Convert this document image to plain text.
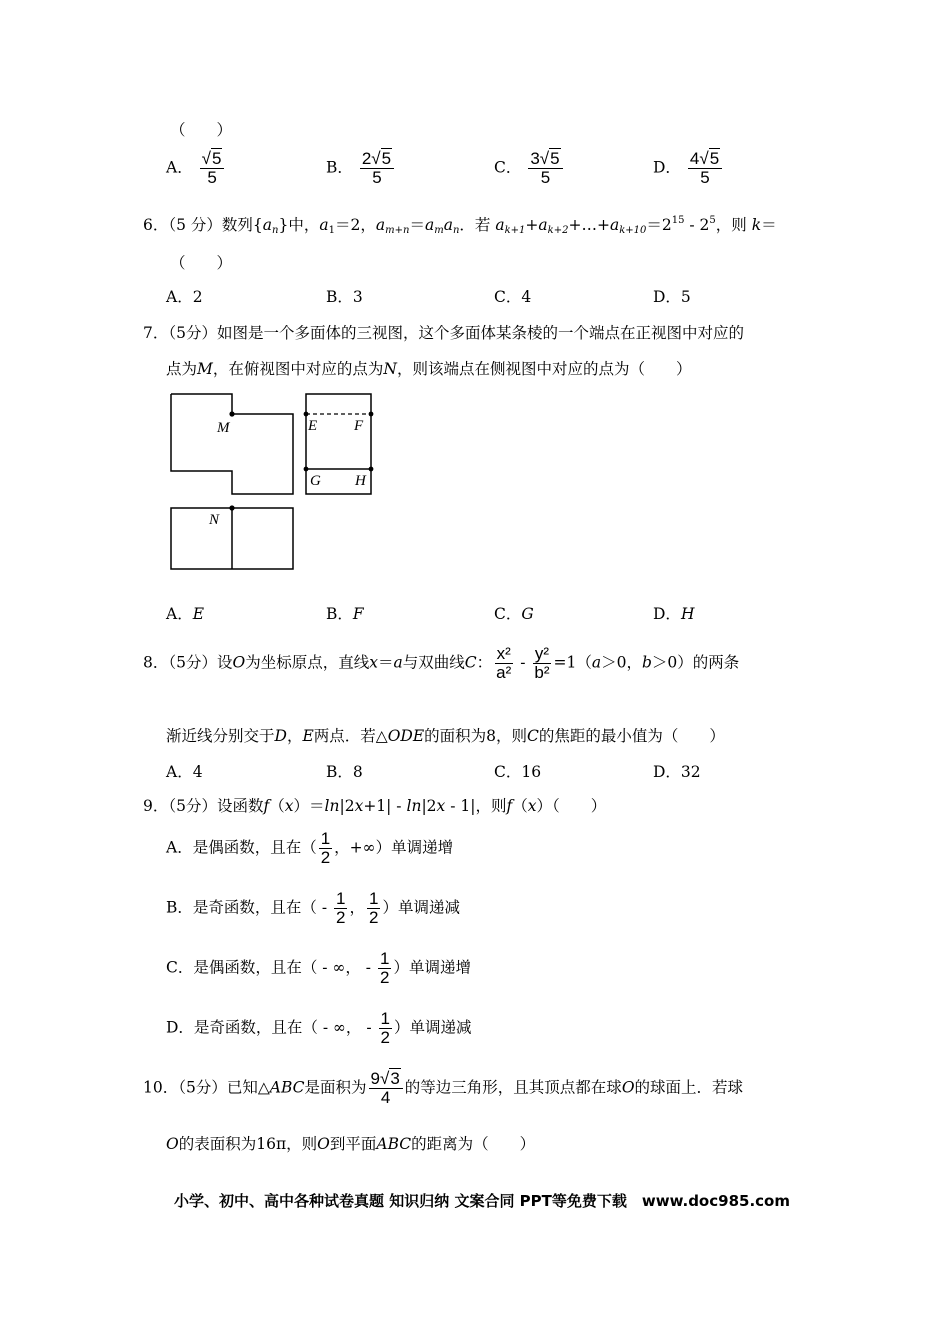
（　　）
A． $\frac{√5}{5}$	B． $\frac{2√5}{5}$	C． $\frac{3√5}{5}$	D． $\frac{4√5}{5}$
6．（5 分）数列$\{a_n\}$中，$a_1=2$，$a_{m+n}=a_ma_n$．若 $a_{k+1}+a_{k+2}+\dots+a_{k+10}=2^{15}$ ‐ $2^5$，则 k＝
（　　）
A．2	B．3	C．4	D．5
7．（5分）如图是一个多面体的三视图，这个多面体某条棱的一个端点在正视图中对应的
点为M，在俯视图中对应的点为N，则该端点在侧视图中对应的点为（　　）
M	E F
G H
N
A．E	B．F	C．G	D．H
8．（5分）设O为坐标原点，直线x＝a与双曲线C： $\frac{\text{x²}}{\text{a²}}$ ‐ $\frac{\text{y²}}{\text{b²}} =1(a>0$，b＞0）的两条
渐近线分别交于D，E两点．若△ODE的面积为8，则C的焦距的最小值为（　　）
A．4	B．8	C．16	D．32
9．（5分）设函数f（x）＝ln|2x+1| ‐ ln|2x ‐ 1|，则f（x）（　　）
A．是偶函数，且在（ $\frac{1}{2}$ ，+∞）单调递增
B．是奇函数，且在（ ‐ $\frac{1}{2}$ ， $\frac{1}{2}$ ）单调递减
C．是偶函数，且在（ ‐ ∞， ‐ $\frac{1}{2}$ ）单调递增
D．是奇函数，且在（ ‐ ∞， ‐ $\frac{1}{2}$ ）单调递减
10．（5分）已知△ABC是面积为 $\frac{9√3}{4}$ 的等边三角形，且其顶点都在球O的球面上．若球
O的表面积为16π，则O到平面ABC的距离为（　　）
小学、初中、高中各种试卷真题 知识归纳 文案合同 PPT等免费下载　www.doc985.com
